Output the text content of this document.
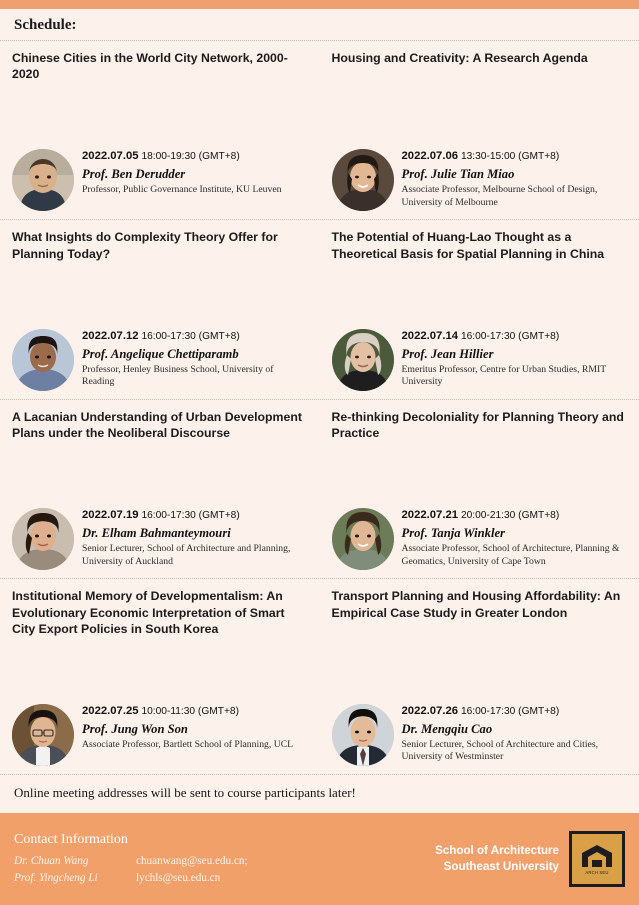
Schedule:
Chinese Cities in the World City Network, 2000-2020
2022.07.05 18:00-19:30 (GMT+8)
Prof. Ben Derudder
Professor, Public Governance Institute, KU Leuven
Housing and Creativity: A Research Agenda
2022.07.06 13:30-15:00 (GMT+8)
Prof. Julie Tian Miao
Associate Professor, Melbourne School of Design, University of Melbourne
What Insights do Complexity Theory Offer for Planning Today?
2022.07.12 16:00-17:30 (GMT+8)
Prof. Angelique Chettiparamb
Professor, Henley Business School, University of Reading
The Potential of Huang-Lao Thought as a Theoretical Basis for Spatial Planning in China
2022.07.14 16:00-17:30 (GMT+8)
Prof. Jean Hillier
Emeritus Professor, Centre for Urban Studies, RMIT University
A Lacanian Understanding of Urban Development Plans under the Neoliberal Discourse
2022.07.19 16:00-17:30 (GMT+8)
Dr. Elham Bahmanteymouri
Senior Lecturer, School of Architecture and Planning, University of Auckland
Re-thinking Decoloniality for Planning Theory and Practice
2022.07.21 20:00-21:30 (GMT+8)
Prof. Tanja Winkler
Associate Professor, School of Architecture, Planning & Geomatics, University of Cape Town
Institutional Memory of Developmentalism: An Evolutionary Economic Interpretation of Smart City Export Policies in South Korea
2022.07.25 10:00-11:30 (GMT+8)
Prof. Jung Won Son
Associate Professor, Bartlett School of Planning, UCL
Transport Planning and Housing Affordability: An Empirical Case Study in Greater London
2022.07.26 16:00-17:30 (GMT+8)
Dr. Mengqiu Cao
Senior Lecturer, School of Architecture and Cities, University of Westminster
Online meeting addresses will be sent to course participants later!
Contact Information
Dr. Chuan Wang	chuanwang@seu.edu.cn;
Prof. Yingcheng Li	lychls@seu.edu.cn
School of Architecture
Southeast University	ARCH SEU
